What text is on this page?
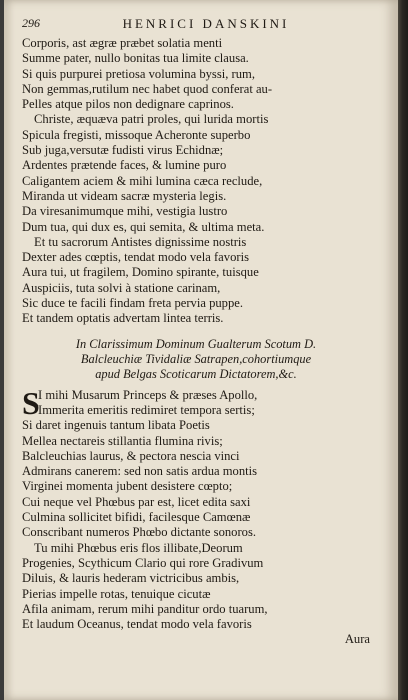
296	HENRICI DANSKINI
Corporis, ast ægræ præbet solatia menti
Summe pater, nullo bonitas tua limite clausa.
Si quis purpurei pretiosa volumina byssi, rum,
Non gemmas,rutilum nec habet quod conferat au-
Pelles atque pilos non dedignare caprinos.
Christe, æquæva patri proles, qui lurida mortis
Spicula fregisti, missoque Acheronte superbo
Sub juga,versutæ fudisti virus Echidnæ;
Ardentes prætende faces, & lumine puro
Caligantem aciem & mihi lumina cæca reclude,
Miranda ut videam sacræ mysteria legis.
Da viresanimumque mihi, vestigia lustro
Dum tua, qui dux es, qui semita, & ultima meta.
Et tu sacrorum Antistes dignissime nostris
Dexter ades cœptis, tendat modo vela favoris
Aura tui, ut fragilem, Domino spirante, tuisque
Auspiciis, tuta solvi à statione carinam,
Sic duce te facili findam freta pervia puppe.
Et tandem optatis advertam lintea terris.
In Clarissimum Dominum Gualterum Scotum D.
Balcleuchiæ Tividaliæ Satrapen,cohortiumque
apud Belgas Scoticarum Dictatorem,&c.
S
I mihi Musarum Princeps & præses Apollo,
Immerita emeritis redimiret tempora sertis;
Si daret ingenuis tantum libata Poetis
Mellea nectareis stillantia flumina rivis;
Balcleuchias laurus, & pectora nescia vinci
Admirans canerem: sed non satis ardua montis
Virginei momenta jubent desistere cœpto;
Cui neque vel Phœbus par est, licet edita saxi
Culmina sollicitet bifidi, facilesque Camœnæ
Conscribant numeros Phœbo dictante sonoros.
Tu mihi Phœbus eris flos illibate,Deorum
Progenies, Scythicum Clario qui rore Gradivum
Diluis, & lauris hederam victricibus ambis,
Pierias impelle rotas, tenuique cicutæ
Afila animam, rerum mihi panditur ordo tuarum,
Et laudum Oceanus, tendat modo vela favoris
Aura
